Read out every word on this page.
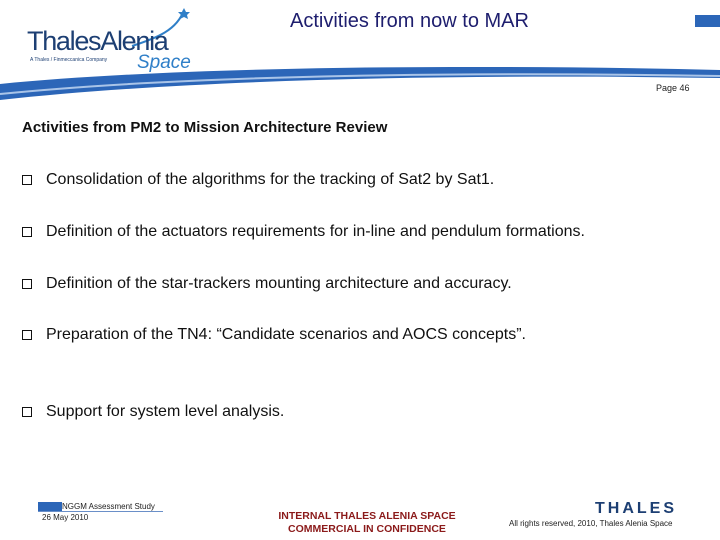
ThalesAlenia
A Thales / Finmeccanica Company Space
Activities from now to MAR
Page 46
Activities from PM2 to Mission Architecture Review
Consolidation of the algorithms for the tracking of Sat2 by Sat1.
Definition of the actuators requirements for in-line and pendulum formations.
Definition of the star-trackers mounting architecture and accuracy.
Preparation of the TN4: “Candidate scenarios and AOCS concepts”.
Support for system level analysis.
NGGM Assessment Study
26 May 2010	INTERNAL THALES ALENIA SPACE
COMMERCIAL IN CONFIDENCE
THALES
All rights reserved, 2010, Thales Alenia Space
